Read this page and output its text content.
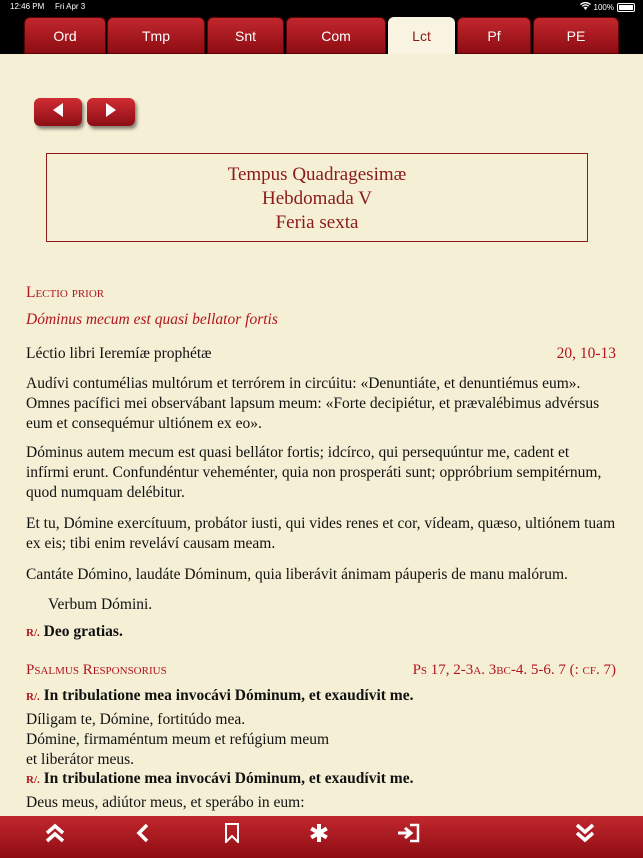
12:46 PM Fri Apr 3	100%
Ord	Tmp	Snt	Com	Lct	Pf	PE
Tempus Quadragesimæ
Hebdomada V
Feria sexta
Lectio prior
Dóminus mecum est quasi bellator fortis
Léctio libri Ieremíæ prophétæ	20, 10-13
Audívi contumélias multórum et terrórem in circúitu: «Denuntiáte, et denuntiémus eum». Omnes pacífici mei observábant lapsum meum: «Forte decipiétur, et prævalébimus advérsus eum et consequémur ultiónem ex eo».
Dóminus autem mecum est quasi bellátor fortis; idcírco, qui persequúntur me, cadent et infírmi erunt. Confundéntur veheménter, quia non prosperáti sunt; oppróbrium sempitérnum, quod numquam delébitur.
Et tu, Dómine exercítuum, probátor iusti, qui vides renes et cor, vídeam, quæso, ultiónem tuam ex eis; tibi enim reveláví causam meam.
Cantáte Dómino, laudáte Dóminum, quia liberávit ánimam páuperis de manu malórum.
Verbum Dómini.
R/. Deo gratias.
Psalmus Responsorius	Ps 17, 2-3a. 3bc-4. 5-6. 7 (: cf. 7)
R/. In tribulatione mea invocávi Dóminum, et exaudívit me.
Díligam te, Dómine, fortitúdo mea.
Dómine, firmaméntum meum et refúgium meum
et liberátor meus.
R/. In tribulatione mea invocávi Dóminum, et exaudívit me.
Deus meus, adiútor meus, et sperábo in eum:
